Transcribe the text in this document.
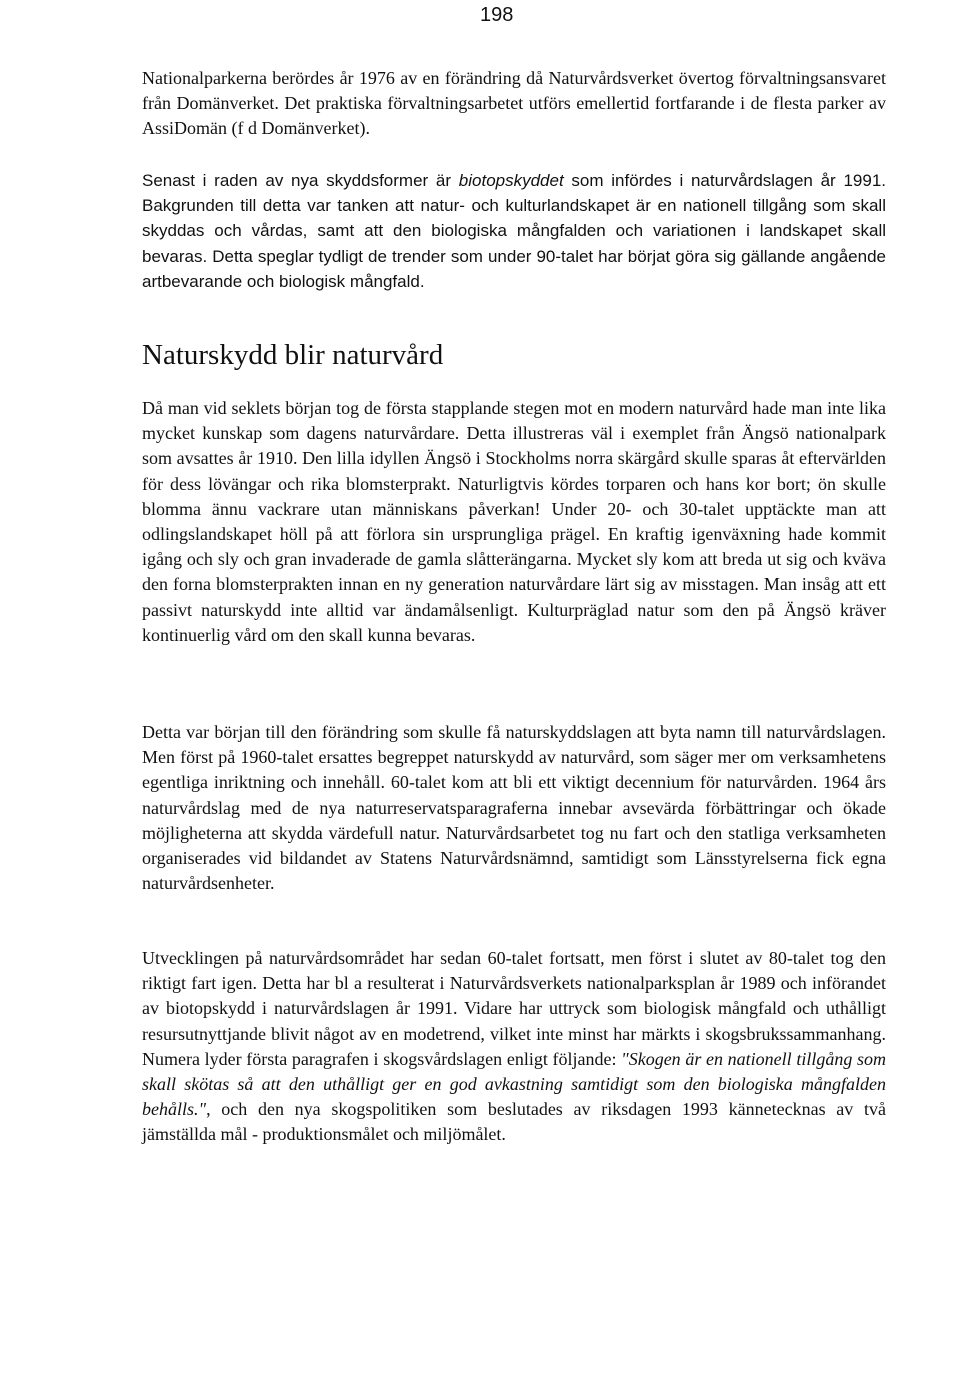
198

Nationalparkerna berördes år 1976 av en förändring då Naturvårdsverket övertog förvaltningsansvaret från Domänverket. Det praktiska förvaltningsarbetet utförs emellertid fortfarande i de flesta parker av AssiDomän (f d Domänverket).

Senast i raden av nya skyddsformer är biotopskyddet som infördes i naturvårdslagen år 1991. Bakgrunden till detta var tanken att natur- och kulturlandskapet är en nationell tillgång som skall skyddas och vårdas, samt att den biologiska mångfalden och variationen i landskapet skall bevaras. Detta speglar tydligt de trender som under 90-talet har börjat göra sig gällande angående artbevarande och biologisk mångfald.

Naturskydd blir naturvård

Då man vid seklets början tog de första stapplande stegen mot en modern naturvård hade man inte lika mycket kunskap som dagens naturvårdare. Detta illustreras väl i exemplet från Ängsö nationalpark som avsattes år 1910. Den lilla idyllen Ängsö i Stockholms norra skärgård skulle sparas åt eftervärlden för dess lövängar och rika blomsterprakt. Naturligtvis kördes torparen och hans kor bort; ön skulle blomma ännu vackrare utan människans påverkan! Under 20- och 30-talet upptäckte man att odlingslandskapet höll på att förlora sin ursprungliga prägel. En kraftig igenväxning hade kommit igång och sly och gran invaderade de gamla slåtterängarna. Mycket sly kom att breda ut sig och kväva den forna blomsterprakten innan en ny generation naturvårdare lärt sig av misstagen. Man insåg att ett passivt naturskydd inte alltid var ändamålsenligt. Kulturpräglad natur som den på Ängsö kräver kontinuerlig vård om den skall kunna bevaras.

Detta var början till den förändring som skulle få naturskyddslagen att byta namn till naturvårdslagen. Men först på 1960-talet ersattes begreppet naturskydd av naturvård, som säger mer om verksamhetens egentliga inriktning och innehåll. 60-talet kom att bli ett viktigt decennium för naturvården. 1964 års naturvårdslag med de nya naturreservatsparagraferna innebar avsevärda förbättringar och ökade möjligheterna att skydda värdefull natur. Naturvårdsarbetet tog nu fart och den statliga verksamheten organiserades vid bildandet av Statens Naturvårdsnämnd, samtidigt som Länsstyrelserna fick egna naturvårdsenheter.

Utvecklingen på naturvårdsområdet har sedan 60-talet fortsatt, men först i slutet av 80-talet tog den riktigt fart igen. Detta har bl a resulterat i Naturvårdsverkets nationalparksplan år 1989 och införandet av biotopskydd i naturvårdslagen år 1991. Vidare har uttryck som biologisk mångfald och uthålligt resursutnyttjande blivit något av en modetrend, vilket inte minst har märkts i skogsbrukssammanhang. Numera lyder första paragrafen i skogsvårdslagen enligt följande: "Skogen är en nationell tillgång som skall skötas så att den uthålligt ger en god avkastning samtidigt som den biologiska mångfalden behålls.", och den nya skogspolitiken som beslutades av riksdagen 1993 kännetecknas av två jämställda mål - produktionsmålet och miljömålet.
